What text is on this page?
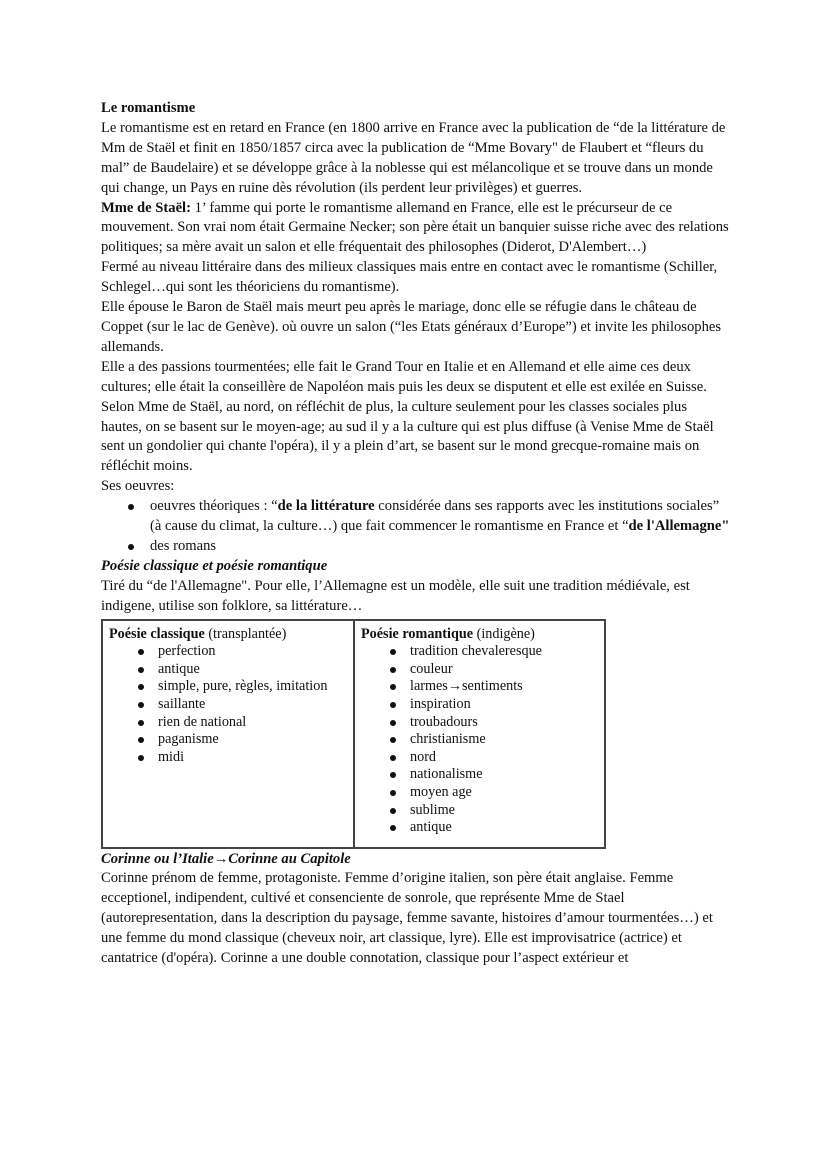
Le romantisme

Le romantisme est en retard en France (en 1800 arrive en France avec la publication de “de la littérature de Mm de Staël et finit en 1850/1857 circa avec la publication de “Mme Bovary" de Flaubert et “fleurs du mal” de Baudelaire) et se développe grâce à la noblesse qui est mélancolique et se trouve dans un monde qui change, un Pays en ruine dès révolution (ils perdent leur privilèges) et guerres.

Mme de Staël: 1’ famme qui porte le romantisme allemand en France, elle est le précurseur de ce mouvement. Son vrai nom était Germaine Necker; son père était un banquier suisse riche avec des relations politiques; sa mère avait un salon et elle fréquentait des philosophes (Diderot, D'Alembert…)

Fermé au niveau littéraire dans des milieux classiques mais entre en contact avec le romantisme (Schiller, Schlegel…qui sont les théoriciens du romantisme).

Elle épouse le Baron de Staël mais meurt peu après le mariage, donc elle se réfugie dans le château de Coppet (sur le lac de Genève). où ouvre un salon (“les Etats généraux d’Europe”) et invite les philosophes allemands.

Elle a des passions tourmentées; elle fait le Grand Tour en Italie et en Allemand et elle aime ces deux cultures; elle était la conseillère de Napoléon mais puis les deux se disputent et elle est exilée en Suisse.

Selon Mme de Staël, au nord, on réfléchit de plus, la culture seulement pour les classes sociales plus hautes, on se basent sur le moyen-age; au sud il y a la culture qui est plus diffuse (à Venise Mme de Staël sent un gondolier qui chante l'opéra), il y a plein d’art, se basent sur le mond grecque-romaine mais on réfléchit moins.

Ses oeuvres:

oeuvres théoriques : “de la littérature considérée dans ses rapports avec les institutions sociales” (à cause du climat, la culture…) que fait commencer le romantisme en France et “de l'Allemagne"
des romans

Poésie classique et poésie romantique

Tiré du “de l'Allemagne". Pour elle, l’Allemagne est un modèle, elle suit une tradition médiévale, est indigene, utilise son folklore, sa littérature…

Poésie classique (transplantée)
perfection
antique
simple, pure, règles, imitation
saillante
rien de national
paganisme
midi

Poésie romantique (indigène)
tradition chevaleresque
couleur
larmes→sentiments
inspiration
troubadours
christianisme
nord
nationalisme
moyen age
sublime
antique

Corinne ou l’Italie→Corinne au Capitole

Corinne prénom de femme, protagoniste. Femme d’origine italien, son père était anglaise. Femme ecceptionel, indipendent, cultivé et consenciente de sonrole, que représente Mme de Stael (autorepresentation, dans la description du paysage, femme savante, histoires d’amour tourmentées…) et une femme du mond classique (cheveux noir, art classique, lyre). Elle est improvisatrice (actrice) et cantatrice (d'opéra). Corinne a une double connotation, classique pour l’aspect extérieur et
